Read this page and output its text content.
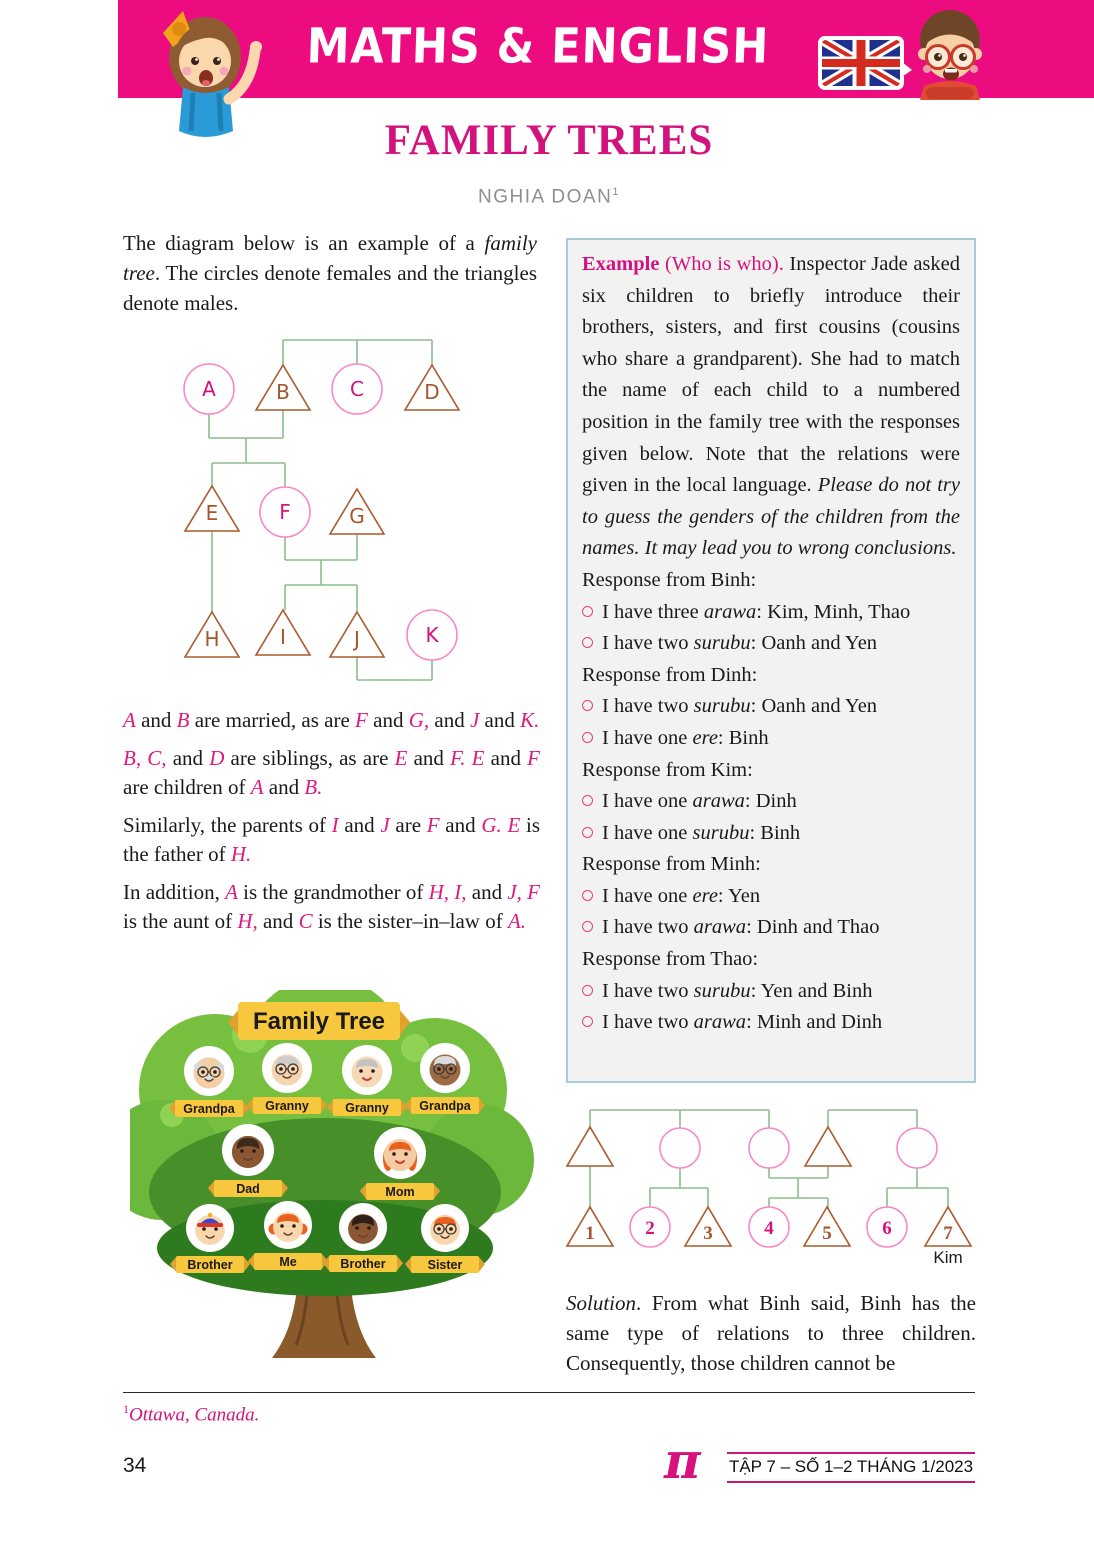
MATHS & ENGLISH
FAMILY TREES
NGHIA DOAN$^1$
The diagram below is an example of a family tree. The circles denote females and the triangles denote males.
A	B	C	D
E	F	G
H	I	J	K
A and B are married, as are F and G, and J and K.
B, C, and D are siblings, as are E and F. E and F are children of A and B.
Similarly, the parents of I and J are F and G. E is the father of H.
In addition, A is the grandmother of H, I, and J, F is the aunt of H, and C is the sister–in–law of A.
Family Tree
Grandpa Granny	Granny Grandpa
Dad	Mom
Brother	Me	Brother	Sister
Example (Who is who). Inspector Jade asked six children to briefly introduce their brothers, sisters, and first cousins (cousins who share a grandparent). She had to match the name of each child to a numbered position in the family tree with the responses given below. Note that the relations were given in the local language. Please do not try to guess the genders of the children from the names. It may lead you to wrong conclusions.
Response from Binh:
I have three arawa: Kim, Minh, Thao
I have two surubu: Oanh and Yen
Response from Dinh:
I have two surubu: Oanh and Yen
I have one ere: Binh
Response from Kim:
I have one arawa: Dinh
I have one surubu: Binh
Response from Minh:
I have one ere: Yen
I have two arawa: Dinh and Thao
Response from Thao:
I have two surubu: Yen and Binh
I have two arawa: Minh and Dinh
1	2	3	4	5	6	7
Kim
Solution. From what Binh said, Binh has the same type of relations to three children. Consequently, those children cannot be
$^1$Ottawa, Canada.
34	π TẬP 7 – SỐ 1–2 THÁNG 1/2023
